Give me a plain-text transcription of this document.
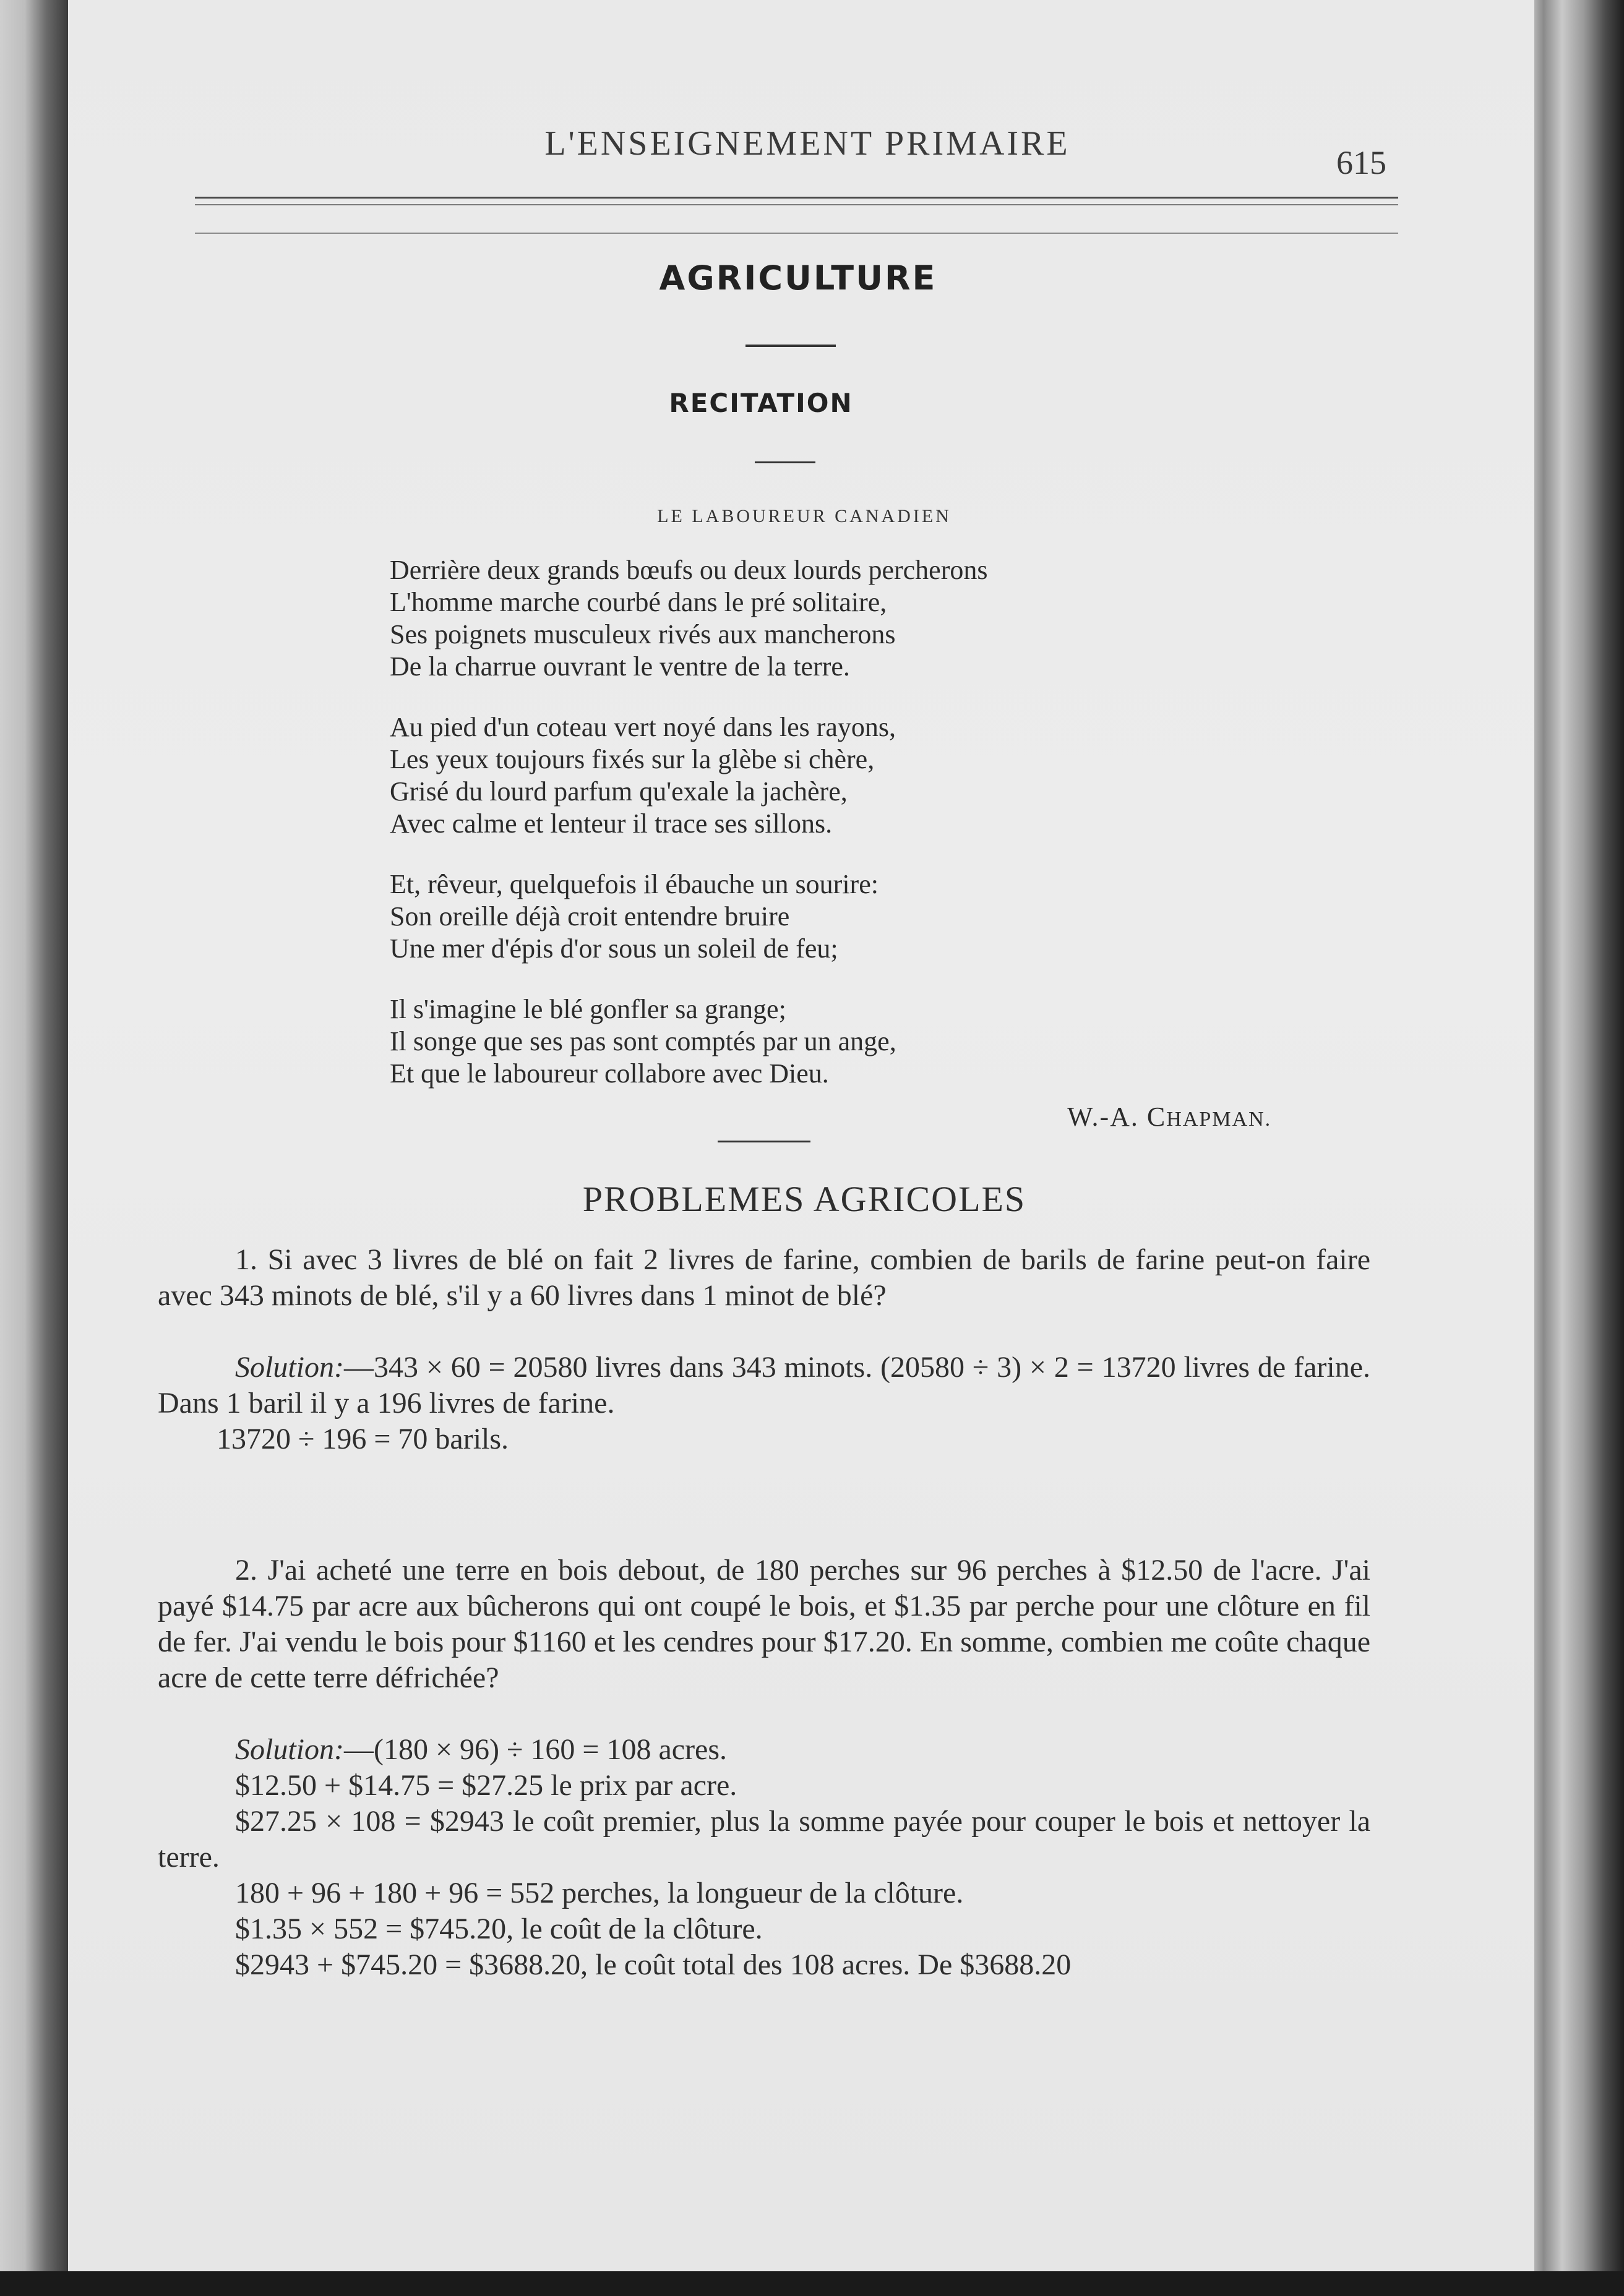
L'ENSEIGNEMENT PRIMAIRE	615
AGRICULTURE
RECITATION
LE LABOUREUR CANADIEN
Derrière deux grands bœufs ou deux lourds percherons
L'homme marche courbé dans le pré solitaire,
Ses poignets musculeux rivés aux mancherons
De la charrue ouvrant le ventre de la terre.
Au pied d'un coteau vert noyé dans les rayons,
Les yeux toujours fixés sur la glèbe si chère,
Grisé du lourd parfum qu'exale la jachère,
Avec calme et lenteur il trace ses sillons.
Et, rêveur, quelquefois il ébauche un sourire:
Son oreille déjà croit entendre bruire
Une mer d'épis d'or sous un soleil de feu;
Il s'imagine le blé gonfler sa grange;
Il songe que ses pas sont comptés par un ange,
Et que le laboureur collabore avec Dieu.
W.-A. CHAPMAN.
PROBLEMES AGRICOLES

1. Si avec 3 livres de blé on fait 2 livres de farine, combien de barils de farine peut-on faire avec 343 minots de blé, s'il y a 60 livres dans 1 minot de blé?

Solution:—343 × 60 = 20580 livres dans 343 minots. (20580 ÷ 3) × 2 = 13720 livres de farine. Dans 1 baril il y a 196 livres de farine.

13720 ÷ 196 = 70 barils.

2. J'ai acheté une terre en bois debout, de 180 perches sur 96 perches à $12.50 de l'acre. J'ai payé $14.75 par acre aux bûcherons qui ont coupé le bois, et $1.35 par perche pour une clôture en fil de fer. J'ai vendu le bois pour $1160 et les cendres pour $17.20. En somme, combien me coûte chaque acre de cette terre défrichée?

Solution:—(180 × 96) ÷ 160 = 108 acres.

$12.50 + $14.75 = $27.25 le prix par acre.

$27.25 × 108 = $2943 le coût premier, plus la somme payée pour couper le bois et nettoyer la terre.

180 + 96 + 180 + 96 = 552 perches, la longueur de la clôture.

$1.35 × 552 = $745.20, le coût de la clôture.

$2943 + $745.20 = $3688.20, le coût total des 108 acres. De $3688.20
